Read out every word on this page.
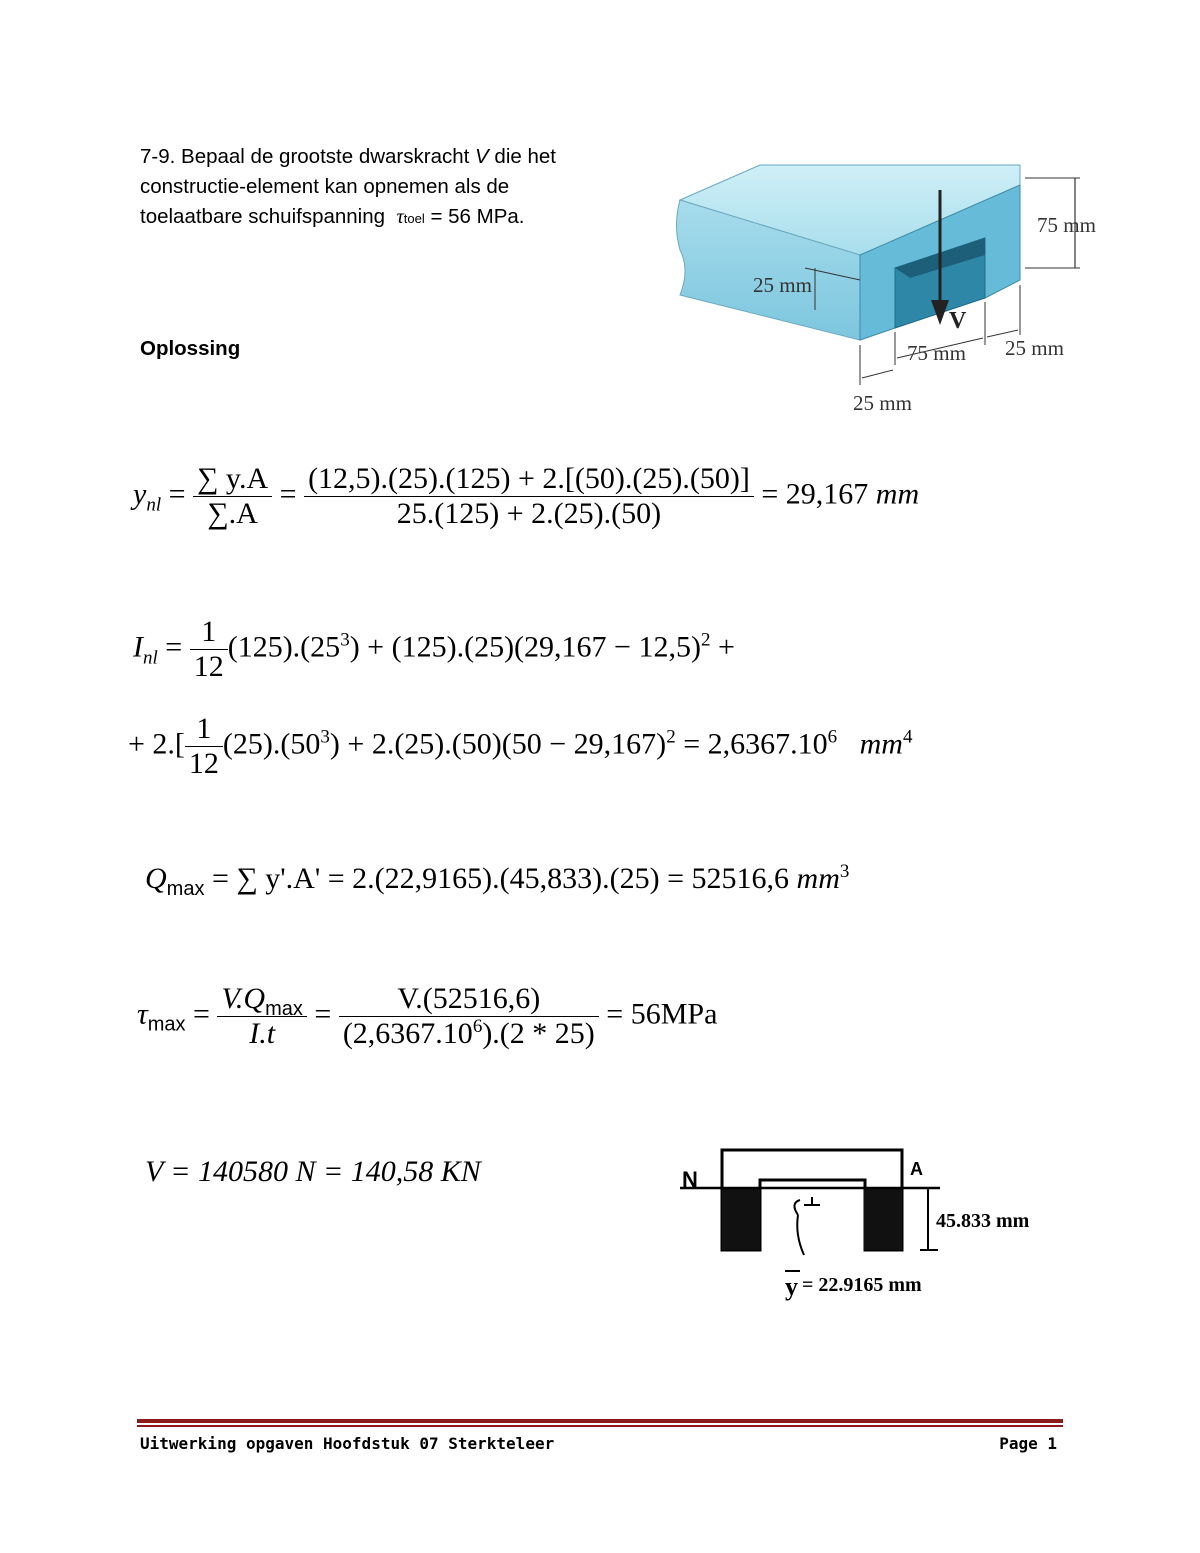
7-9. Bepaal de grootste dwarskracht V die het

constructie-element kan opnemen als de

toelaatbare schuifspanning τtoel = 56 MPa.

Oplossing
V
75 mm
25 mm
75 mm 25 mm
25 mm
$y_{nl} = \frac{\sum y.A}{\sum.A} = \frac{(12,5).(25).(125) + 2.[(50).(25).(50)]}{25.(125) + 2.(25).(50)} = 29,167$ mm
$I_{nl} = \frac{1}{12} (125).(25^3) + (125).(25)(29,167 - 12,5)^2$ +
+ $2.[ \frac{1}{12} (25).(50^3) + 2.(25).(50)(50 - 29,167)^2 = 2,6367.10^6$ $mm^4$
$Q_{max}$ = ∑ y'.A' = 2.(22,9165).(45,833).(25) = 52516,6 $mm^3$
$\tau_{max} = \frac{V.Q_{max}}{I.t} = \frac{V.(52516,6)}{(2,6367.10^6).(2 * 25)} = 56MPa$
V = 140580 N = 140,58 KN	N	A
45.833 mm
y = 22.9165 mm
Uitwerking opgaven Hoofdstuk 07 Sterkteleer	Page 1
